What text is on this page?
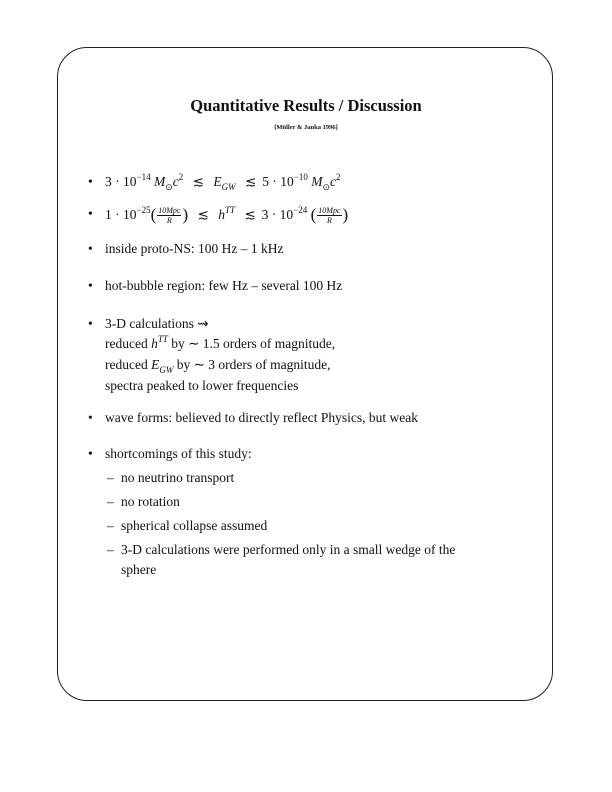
Quantitative Results / Discussion
[Müller & Janka 1996]
• $3 \cdot 10^{-14}$ $M_⊙c^2$ ≲ $E_{GW}$ ≲ $5 \cdot 10^{-10}$ $M_⊙c^2$
• $1 \cdot 10^{-25}( \frac{\text{10Mpc}}{R}$ ) ≲ $h^{TT}$ ≲ $3 \cdot 10^{-24}$ ( $\frac{\text{10Mpc}}{R}$ )
• inside proto-NS: 100 Hz – 1 kHz
• hot-bubble region: few Hz – several 100 Hz
• 3-D calculations ⇝
reduced $h^{TT}$ by ∼ 1.5 orders of magnitude,
reduced $E_{GW}$ by ∼ 3 orders of magnitude,
spectra peaked to lower frequencies
• wave forms: believed to directly reflect Physics, but weak
• shortcomings of this study:
– no neutrino transport
– no rotation
– spherical collapse assumed
– 3-D calculations were performed only in a small wedge of the
sphere
